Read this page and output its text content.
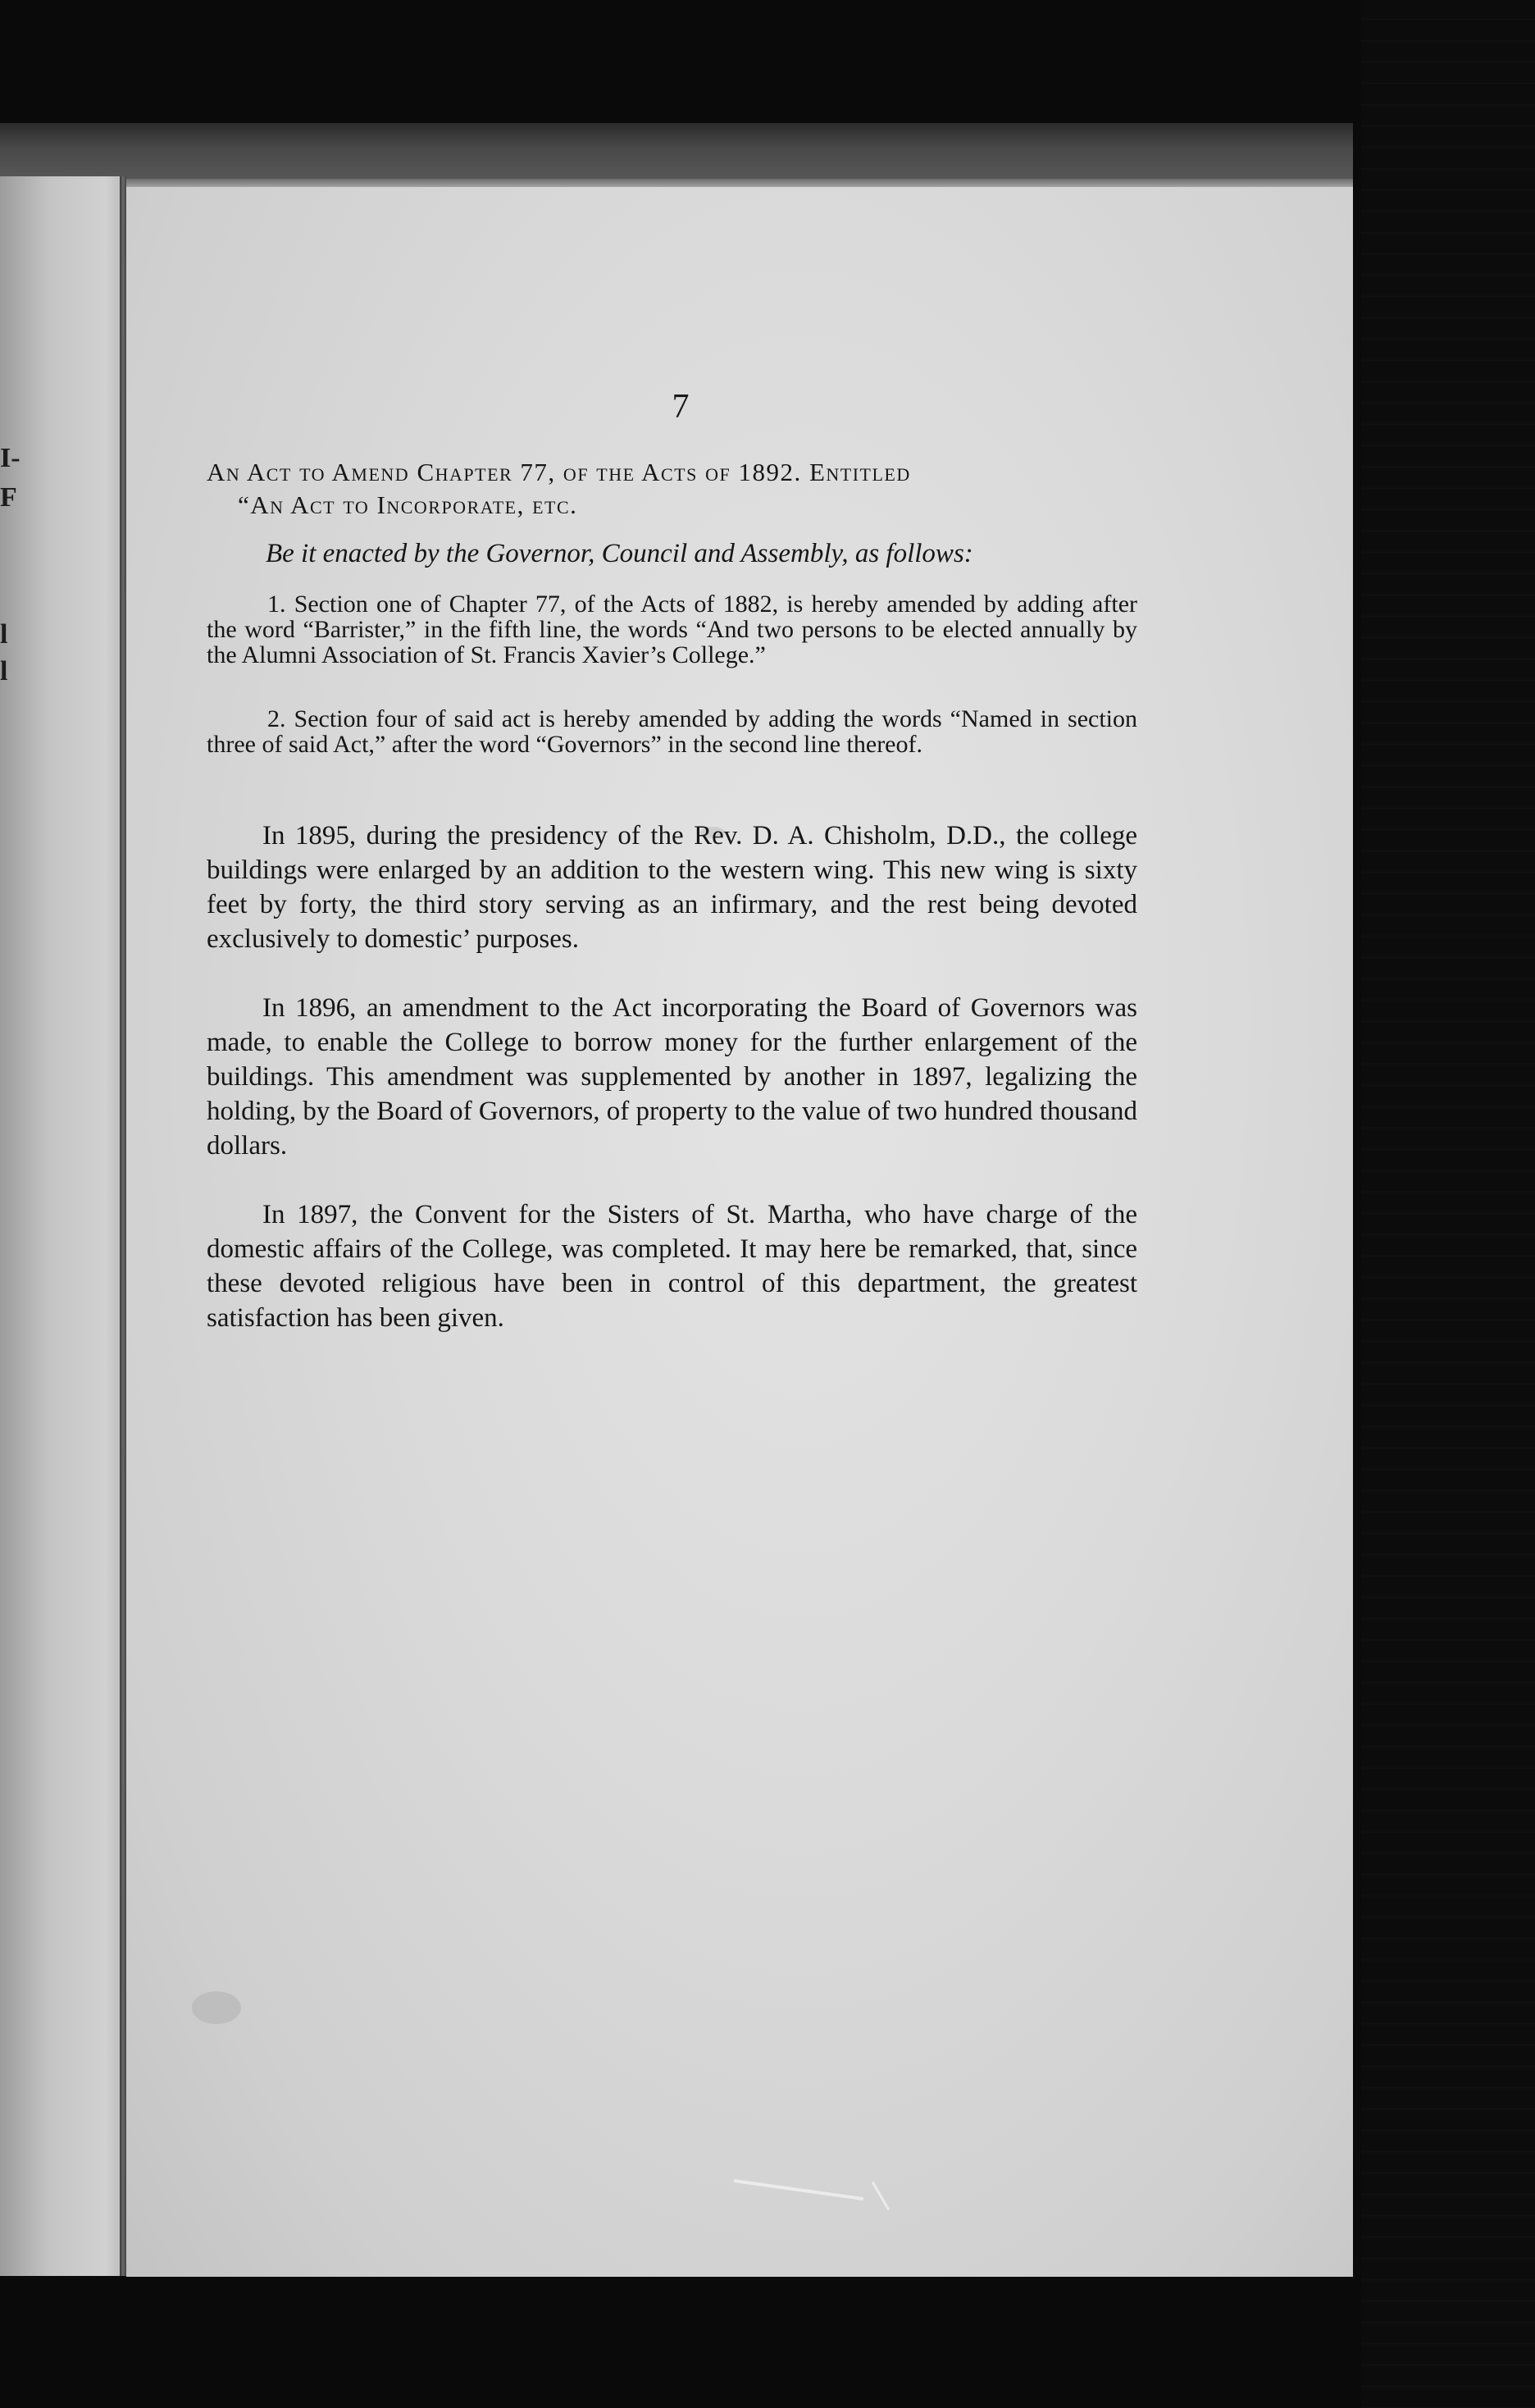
I-
F
l
l
7
An Act to Amend Chapter 77, of the Acts of 1892. Entitled
“An Act to Incorporate, etc.
Be it enacted by the Governor, Council and Assembly, as follows:
1. Section one of Chapter 77, of the Acts of 1882, is hereby amended by adding after the word “Barrister,” in the fifth line, the words “And two persons to be elected annually by the Alumni Association of St. Francis Xavier’s College.”
2. Section four of said act is hereby amended by adding the words “Named in section three of said Act,” after the word “Governors” in the second line thereof.
In 1895, during the presidency of the Rev. D. A. Chisholm, D.D., the college buildings were enlarged by an addition to the western wing. This new wing is sixty feet by forty, the third story serving as an infirmary, and the rest being devoted exclusively to domestic’ purposes.
In 1896, an amendment to the Act incorporating the Board of Governors was made, to enable the College to borrow money for the further enlargement of the buildings. This amendment was supplemented by another in 1897, legalizing the holding, by the Board of Governors, of property to the value of two hundred thousand dollars.
In 1897, the Convent for the Sisters of St. Martha, who have charge of the domestic affairs of the College, was completed. It may here be remarked, that, since these devoted religious have been in control of this department, the greatest satisfaction has been given.
